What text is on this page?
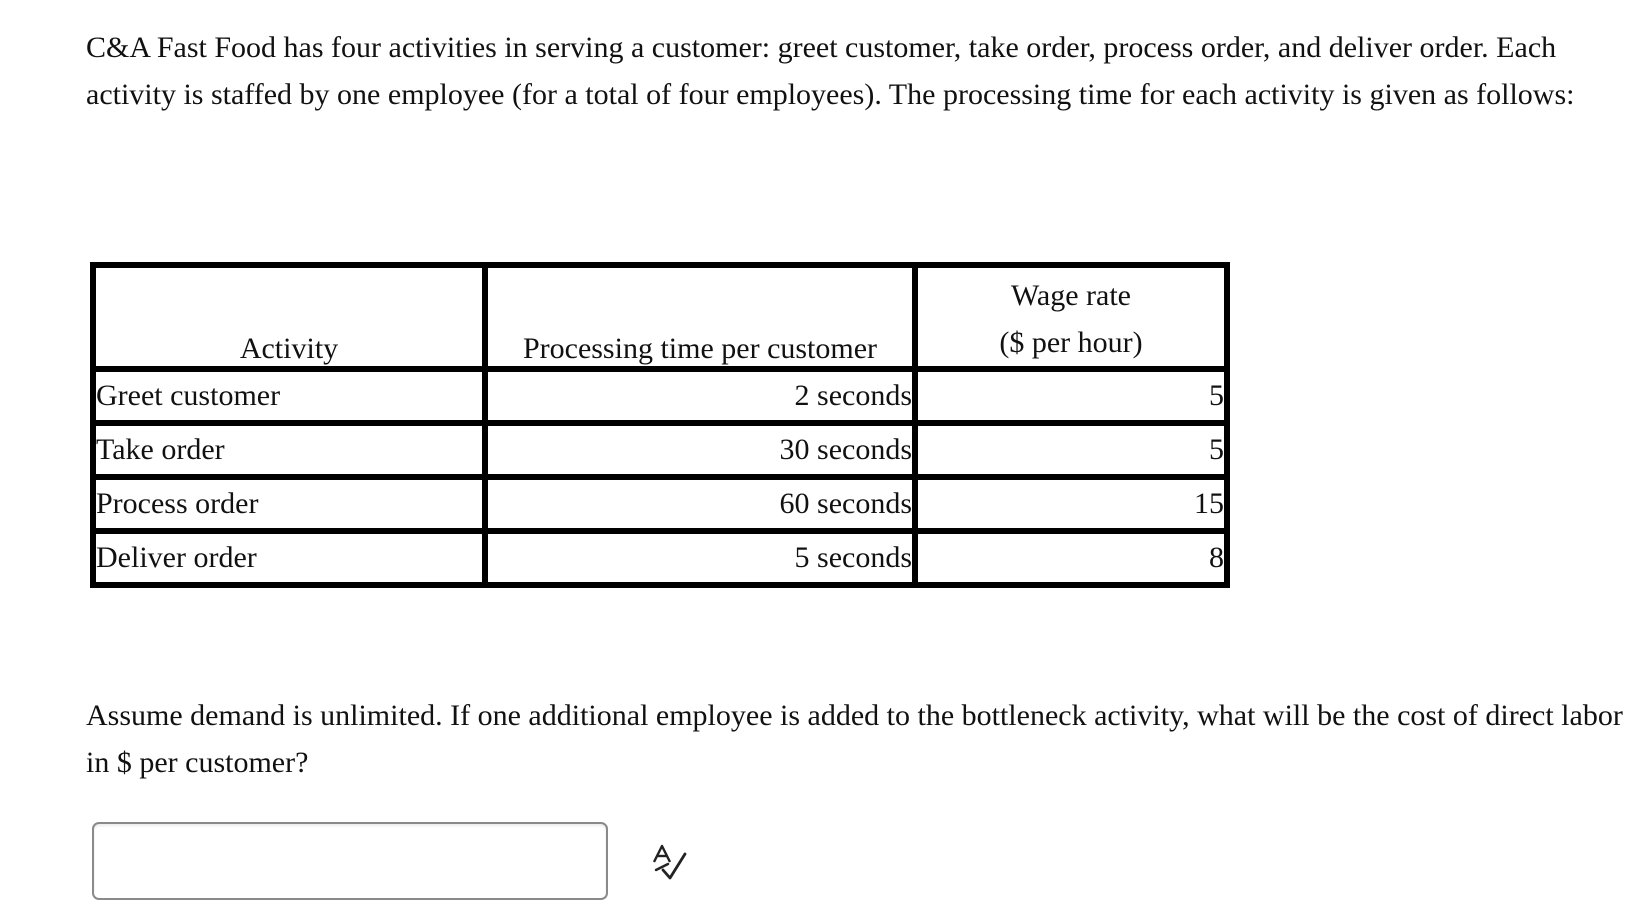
C&A Fast Food has four activities in serving a customer: greet customer, take order, process order, and deliver order. Each activity is staffed by one employee (for a total of four employees). The processing time for each activity is given as follows:

Activity	Processing time per customer	Wage rate
($ per hour)
Greet customer	2 seconds	5
Take order	30 seconds	5
Process order	60 seconds	15
Deliver order	5 seconds	8

Assume demand is unlimited. If one additional employee is added to the bottleneck activity, what will be the cost of direct labor in $ per customer?
